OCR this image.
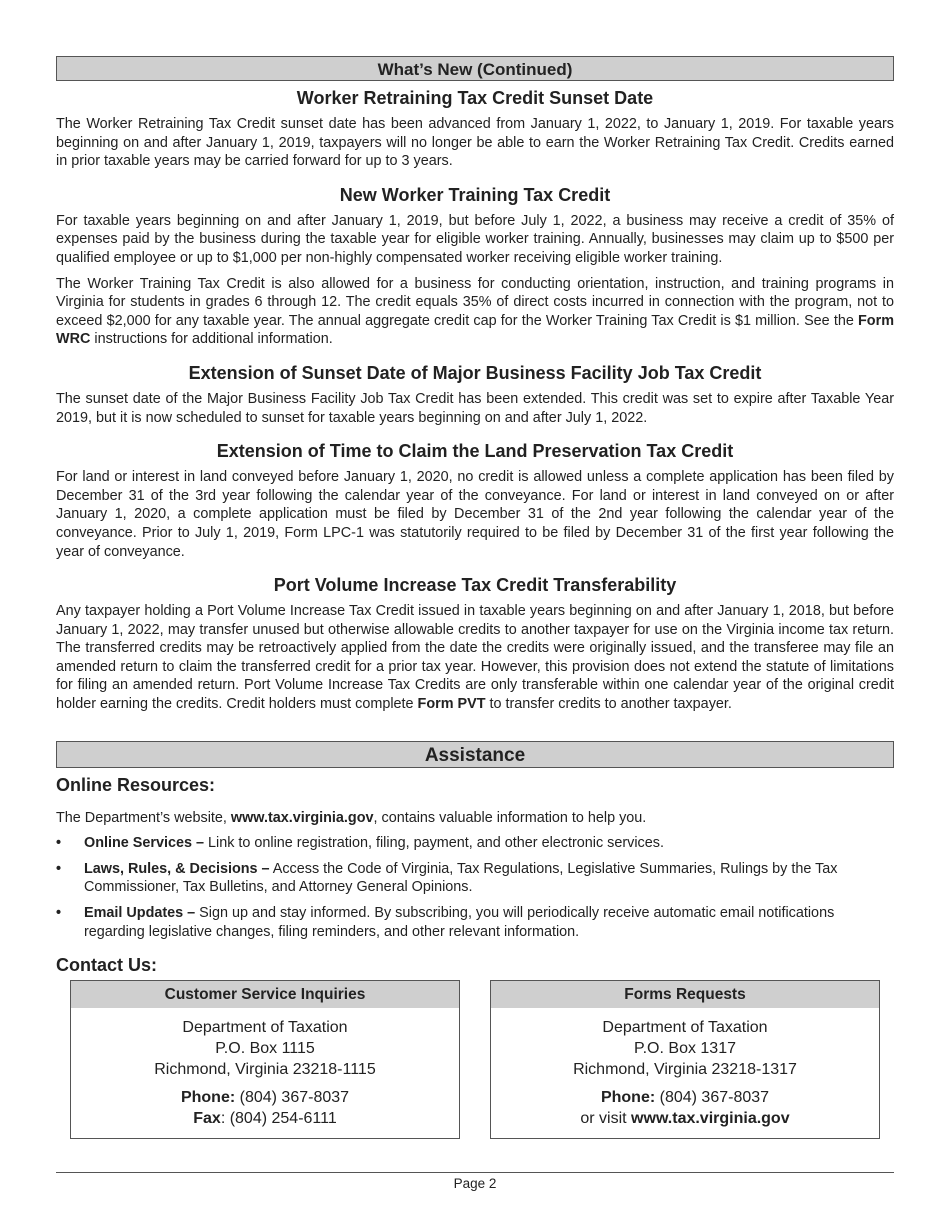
What’s New (Continued)
Worker Retraining Tax Credit Sunset Date

The Worker Retraining Tax Credit sunset date has been advanced from January 1, 2022, to January 1, 2019. For taxable years beginning on and after January 1, 2019, taxpayers will no longer be able to earn the Worker Retraining Tax Credit. Credits earned in prior taxable years may be carried forward for up to 3 years.

New Worker Training Tax Credit

For taxable years beginning on and after January 1, 2019, but before July 1, 2022, a business may receive a credit of 35% of expenses paid by the business during the taxable year for eligible worker training. Annually, businesses may claim up to $500 per qualified employee or up to $1,000 per non-highly compensated worker receiving eligible worker training.

The Worker Training Tax Credit is also allowed for a business for conducting orientation, instruction, and training programs in Virginia for students in grades 6 through 12. The credit equals 35% of direct costs incurred in connection with the program, not to exceed $2,000 for any taxable year. The annual aggregate credit cap for the Worker Training Tax Credit is $1 million. See the Form WRC instructions for additional information.

Extension of Sunset Date of Major Business Facility Job Tax Credit

The sunset date of the Major Business Facility Job Tax Credit has been extended. This credit was set to expire after Taxable Year 2019, but it is now scheduled to sunset for taxable years beginning on and after July 1, 2022.

Extension of Time to Claim the Land Preservation Tax Credit

For land or interest in land conveyed before January 1, 2020, no credit is allowed unless a complete application has been filed by December 31 of the 3rd year following the calendar year of the conveyance. For land or interest in land conveyed on or after January 1, 2020, a complete application must be filed by December 31 of the 2nd year following the calendar year of the conveyance. Prior to July 1, 2019, Form LPC-1 was statutorily required to be filed by December 31 of the first year following the year of conveyance.

Port Volume Increase Tax Credit Transferability

Any taxpayer holding a Port Volume Increase Tax Credit issued in taxable years beginning on and after January 1, 2018, but before January 1, 2022, may transfer unused but otherwise allowable credits to another taxpayer for use on the Virginia income tax return. The transferred credits may be retroactively applied from the date the credits were originally issued, and the transferee may file an amended return to claim the transferred credit for a prior tax year. However, this provision does not extend the statute of limitations for filing an amended return. Port Volume Increase Tax Credits are only transferable within one calendar year of the original credit holder earning the credits. Credit holders must complete Form PVT to transfer credits to another taxpayer.

Assistance
Online Resources:

The Department’s website, www.tax.virginia.gov, contains valuable information to help you.

• Online Services – Link to online registration, filing, payment, and other electronic services.
• Laws, Rules, & Decisions – Access the Code of Virginia, Tax Regulations, Legislative Summaries, Rulings by the Tax Commissioner, Tax Bulletins, and Attorney General Opinions.
• Email Updates – Sign up and stay informed. By subscribing, you will periodically receive automatic email notifications regarding legislative changes, filing reminders, and other relevant information.
Contact Us:
Customer Service Inquiries
Department of Taxation
P.O. Box 1115
Richmond, Virginia 23218-1115
Phone: (804) 367-8037
Fax: (804) 254-6111
Forms Requests
Department of Taxation
P.O. Box 1317
Richmond, Virginia 23218-1317
Phone: (804) 367-8037
or visit www.tax.virginia.gov
Page 2
